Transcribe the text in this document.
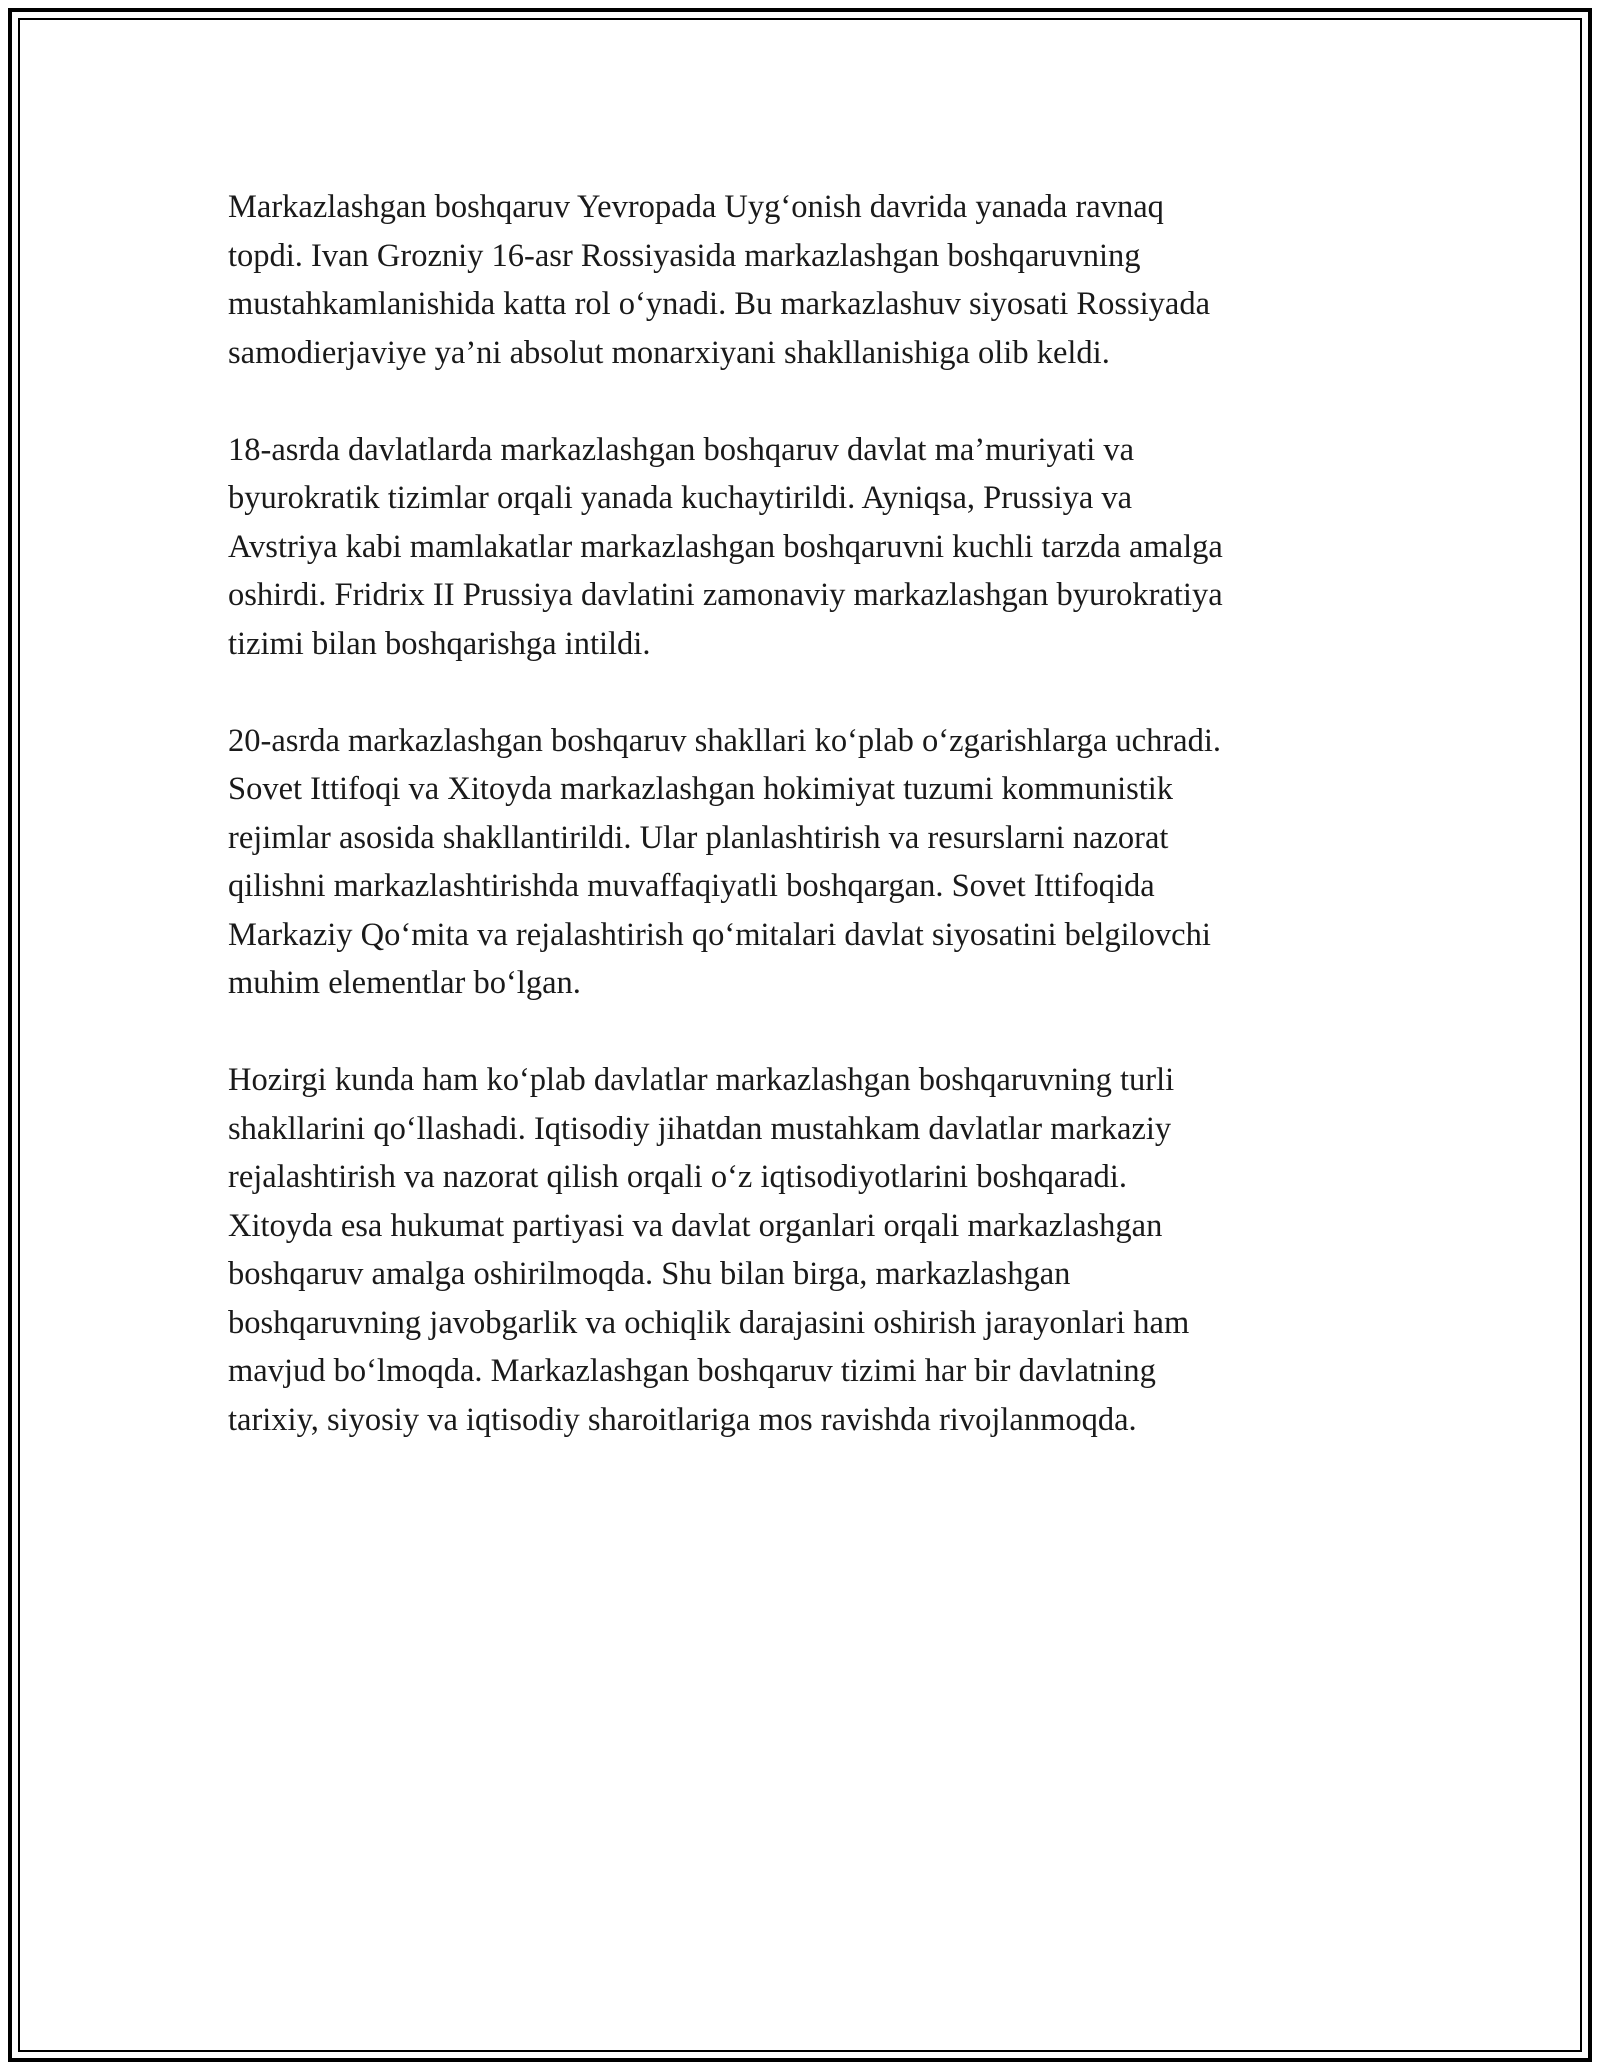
Markazlashgan boshqaruv Yevropada Uyg‘onish davrida yanada ravnaq
topdi. Ivan Grozniy 16-asr Rossiyasida markazlashgan boshqaruvning
mustahkamlanishida katta rol o‘ynadi. Bu markazlashuv siyosati Rossiyada
samodierjaviye ya’ni absolut monarxiyani shakllanishiga olib keldi.

18-asrda davlatlarda markazlashgan boshqaruv davlat ma’muriyati va
byurokratik tizimlar orqali yanada kuchaytirildi. Ayniqsa, Prussiya va
Avstriya kabi mamlakatlar markazlashgan boshqaruvni kuchli tarzda amalga
oshirdi. Fridrix II Prussiya davlatini zamonaviy markazlashgan byurokratiya
tizimi bilan boshqarishga intildi.

20-asrda markazlashgan boshqaruv shakllari ko‘plab o‘zgarishlarga uchradi.
Sovet Ittifoqi va Xitoyda markazlashgan hokimiyat tuzumi kommunistik
rejimlar asosida shakllantirildi. Ular planlashtirish va resurslarni nazorat
qilishni markazlashtirishda muvaffaqiyatli boshqargan. Sovet Ittifoqida
Markaziy Qo‘mita va rejalashtirish qo‘mitalari davlat siyosatini belgilovchi
muhim elementlar bo‘lgan.

Hozirgi kunda ham ko‘plab davlatlar markazlashgan boshqaruvning turli
shakllarini qo‘llashadi. Iqtisodiy jihatdan mustahkam davlatlar markaziy
rejalashtirish va nazorat qilish orqali o‘z iqtisodiyotlarini boshqaradi.
Xitoyda esa hukumat partiyasi va davlat organlari orqali markazlashgan
boshqaruv amalga oshirilmoqda. Shu bilan birga, markazlashgan
boshqaruvning javobgarlik va ochiqlik darajasini oshirish jarayonlari ham
mavjud bo‘lmoqda. Markazlashgan boshqaruv tizimi har bir davlatning
tarixiy, siyosiy va iqtisodiy sharoitlariga mos ravishda rivojlanmoqda.
